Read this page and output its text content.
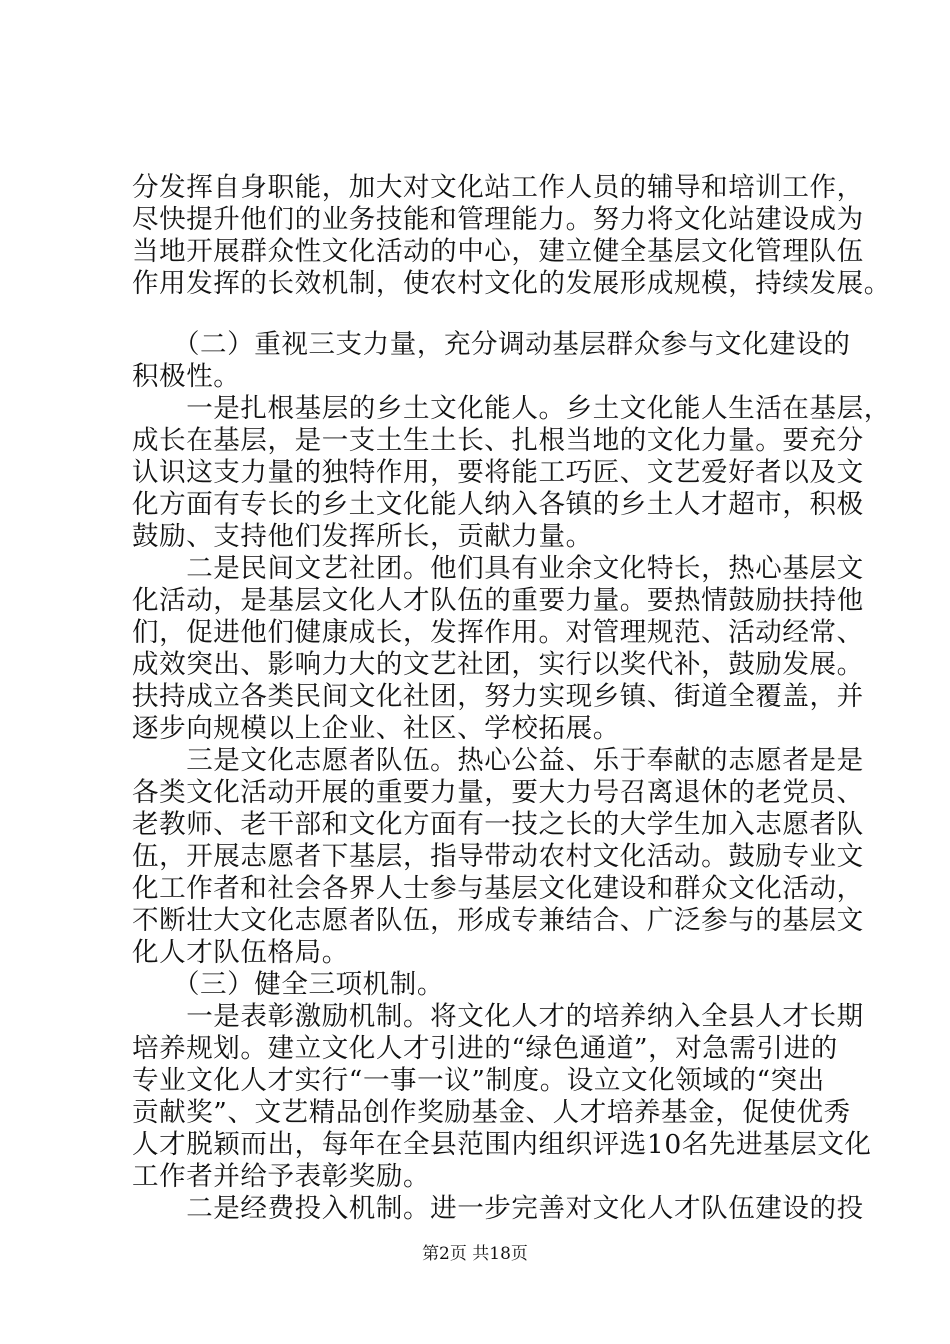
分发挥自身职能，加大对文化站工作人员的辅导和培训工作，
尽快提升他们的业务技能和管理能力。努力将文化站建设成为
当地开展群众性文化活动的中心，建立健全基层文化管理队伍
作用发挥的长效机制，使农村文化的发展形成规模，持续发展。
　　（二）重视三支力量，充分调动基层群众参与文化建设的
积极性。
　　一是扎根基层的乡土文化能人。乡土文化能人生活在基层，
成长在基层，是一支土生土长、扎根当地的文化力量。要充分
认识这支力量的独特作用，要将能工巧匠、文艺爱好者以及文
化方面有专长的乡土文化能人纳入各镇的乡土人才超市，积极
鼓励、支持他们发挥所长，贡献力量。
　　二是民间文艺社团。他们具有业余文化特长，热心基层文
化活动，是基层文化人才队伍的重要力量。要热情鼓励扶持他
们，促进他们健康成长，发挥作用。对管理规范、活动经常、
成效突出、影响力大的文艺社团，实行以奖代补，鼓励发展。
扶持成立各类民间文化社团，努力实现乡镇、街道全覆盖，并
逐步向规模以上企业、社区、学校拓展。
　　三是文化志愿者队伍。热心公益、乐于奉献的志愿者是是
各类文化活动开展的重要力量，要大力号召离退休的老党员、
老教师、老干部和文化方面有一技之长的大学生加入志愿者队
伍，开展志愿者下基层，指导带动农村文化活动。鼓励专业文
化工作者和社会各界人士参与基层文化建设和群众文化活动，
不断壮大文化志愿者队伍，形成专兼结合、广泛参与的基层文
化人才队伍格局。
　　（三）健全三项机制。
　　一是表彰激励机制。将文化人才的培养纳入全县人才长期
培养规划。建立文化人才引进的“绿色通道”，对急需引进的
专业文化人才实行“一事一议”制度。设立文化领域的“突出
贡献奖”、文艺精品创作奖励基金、人才培养基金，促使优秀
人才脱颖而出，每年在全县范围内组织评选10名先进基层文化
工作者并给予表彰奖励。
　　二是经费投入机制。进一步完善对文化人才队伍建设的投
第2页 共18页
